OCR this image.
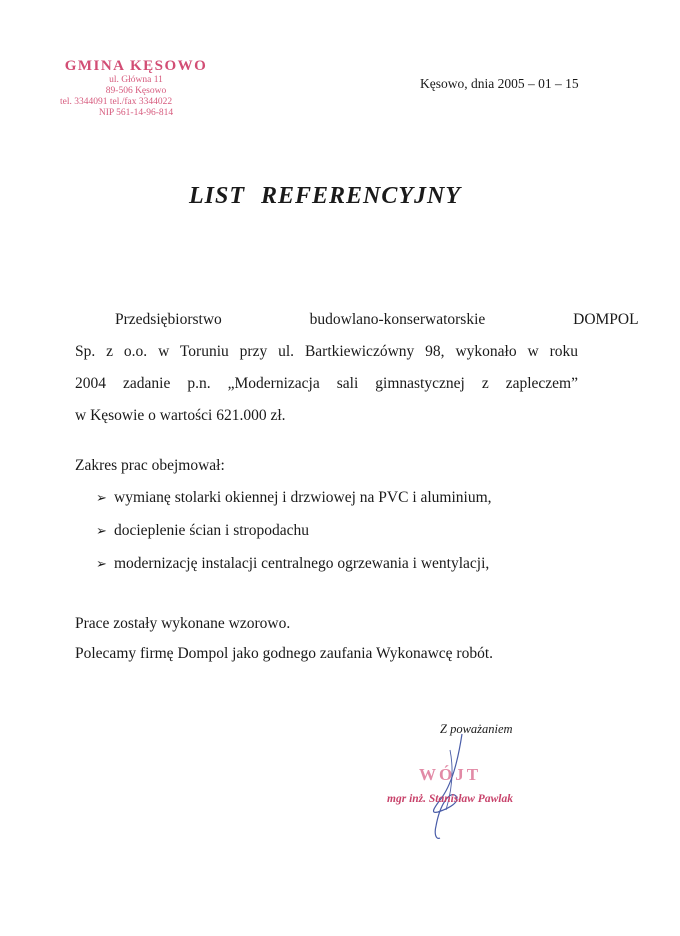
GMINA KĘSOWO
ul. Główna 11
89-506 Kęsowo
tel. 3344091 tel./fax 3344022
NIP 561-14-96-814
Kęsowo, dnia 2005 – 01 – 15
LIST REFERENCYJNY
Przedsiębiorstwo budowlano-konserwatorskie DOMPOL
Sp. z o.o. w Toruniu przy ul. Bartkiewiczówny 98, wykonało w roku
2004 zadanie p.n. „Modernizacja sali gimnastycznej z zapleczem”
w Kęsowie o wartości 621.000 zł.
Zakres prac obejmował:
➢ wymianę stolarki okiennej i drzwiowej na PVC i aluminium,
➢ docieplenie ścian i stropodachu
➢ modernizację instalacji centralnego ogrzewania i wentylacji,
Prace zostały wykonane wzorowo.
Polecamy firmę Dompol jako godnego zaufania Wykonawcę robót.
Z poważaniem
WÓJT
mgr inż. Stanisław Pawlak
